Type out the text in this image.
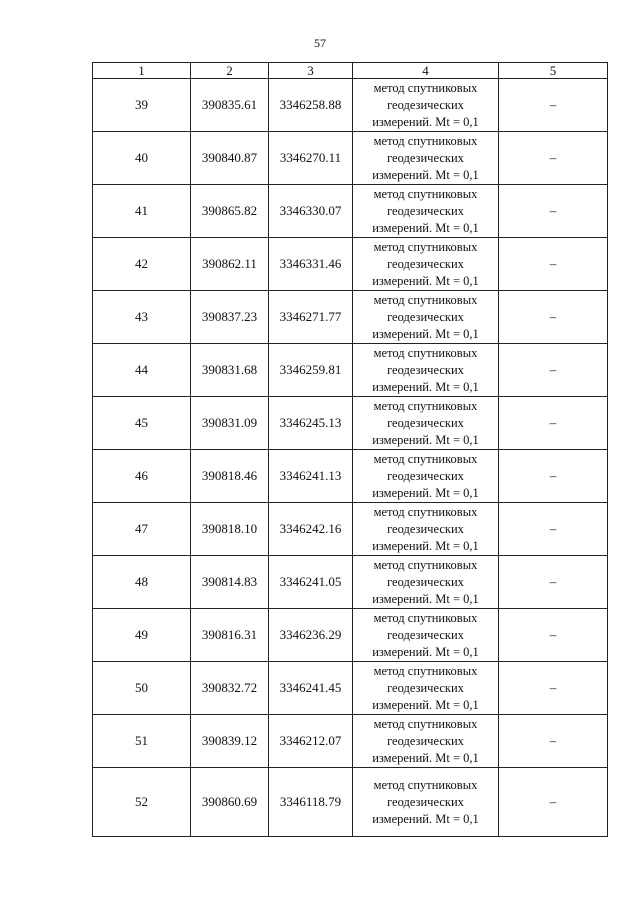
57
1	2	3	4	5
39	390835.61	3346258.88	метод спутниковых
геодезических
измерений. Mt = 0,1	–
40	390840.87	3346270.11	метод спутниковых
геодезических
измерений. Mt = 0,1	–
41	390865.82	3346330.07	метод спутниковых
геодезических
измерений. Mt = 0,1	–
42	390862.11	3346331.46	метод спутниковых
геодезических
измерений. Mt = 0,1	–
43	390837.23	3346271.77	метод спутниковых
геодезических
измерений. Mt = 0,1	–
44	390831.68	3346259.81	метод спутниковых
геодезических
измерений. Mt = 0,1	–
45	390831.09	3346245.13	метод спутниковых
геодезических
измерений. Mt = 0,1	–
46	390818.46	3346241.13	метод спутниковых
геодезических
измерений. Mt = 0,1	–
47	390818.10	3346242.16	метод спутниковых
геодезических
измерений. Mt = 0,1	–
48	390814.83	3346241.05	метод спутниковых
геодезических
измерений. Mt = 0,1	–
49	390816.31	3346236.29	метод спутниковых
геодезических
измерений. Mt = 0,1	–
50	390832.72	3346241.45	метод спутниковых
геодезических
измерений. Mt = 0,1	–
51	390839.12	3346212.07	метод спутниковых
геодезических
измерений. Mt = 0,1	–
52	390860.69	3346118.79	метод спутниковых
геодезических
измерений. Mt = 0,1	–
